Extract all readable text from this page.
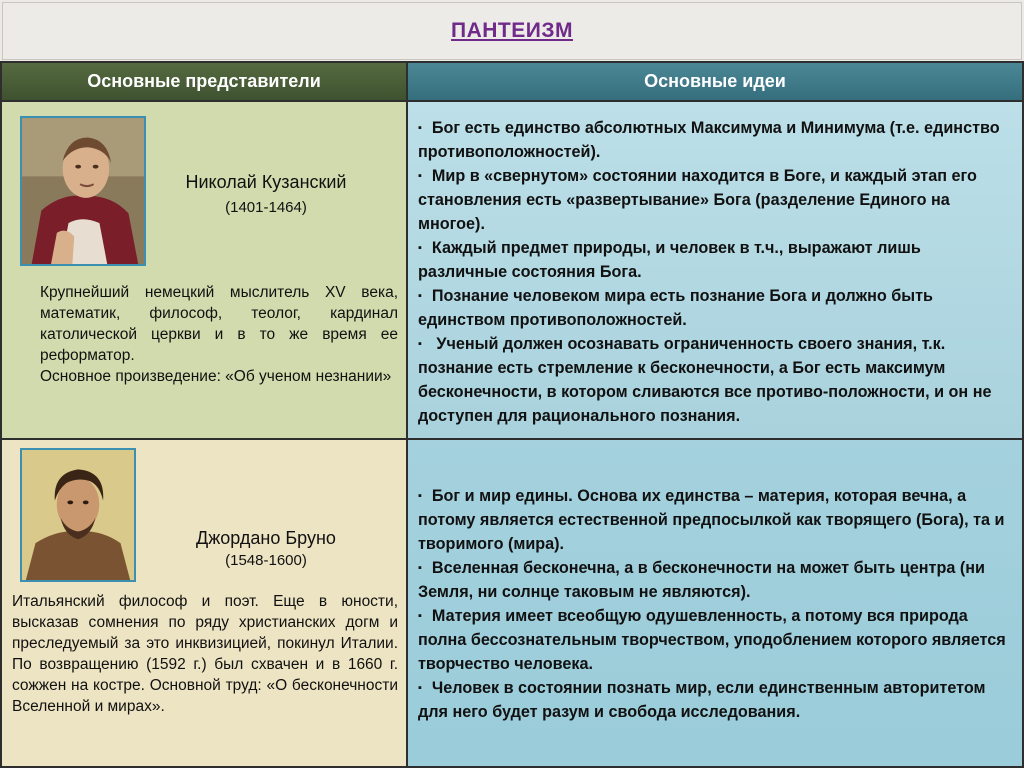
ПАНТЕИЗМ
Основные представители	Основные идеи
Николай Кузанский
(1401-1464)

Крупнейший немецкий мыслитель XV века, математик, философ, теолог, кардинал католической церкви и в то же время ее реформатор.

Основное произведение: «Об ученом незнании»

▪ Бог есть единство абсолютных Максимума и Минимума (т.е. единство противоположностей).
▪ Мир в «свернутом» состоянии находится в Боге, и каждый этап его становления есть «развертывание» Бога (разделение Единого на многое).
▪ Каждый предмет природы, и человек в т.ч., выражают лишь различные состояния Бога.
▪ Познание человеком мира есть познание Бога и должно быть единством противоположностей.
▪ Ученый должен осознавать ограниченность своего знания, т.к. познание есть стремление к бесконечности, а Бог есть максимум бесконечности, в котором сливаются все противо-положности, и он не доступен для рационального познания.
Джордано Бруно
(1548-1600)

Итальянский философ и поэт. Еще в юности, высказав сомнения по ряду христианских догм и преследуемый за это инквизицией, покинул Италии. По возвращению (1592 г.) был схвачен и в 1660 г. сожжен на костре. Основной труд: «О бесконечности Вселенной и мирах».

▪ Бог и мир едины. Основа их единства – материя, которая вечна, а потому является естественной предпосылкой как творящего (Бога), та и творимого (мира).
▪ Вселенная бесконечна, а в бесконечности на может быть центра (ни Земля, ни солнце таковым не являются).
▪ Материя имеет всеобщую одушевленность, а потому вся природа полна бессознательным творчеством, уподоблением которого является творчество человека.
▪ Человек в состоянии познать мир, если единственным авторитетом для него будет разум и свобода исследования.
